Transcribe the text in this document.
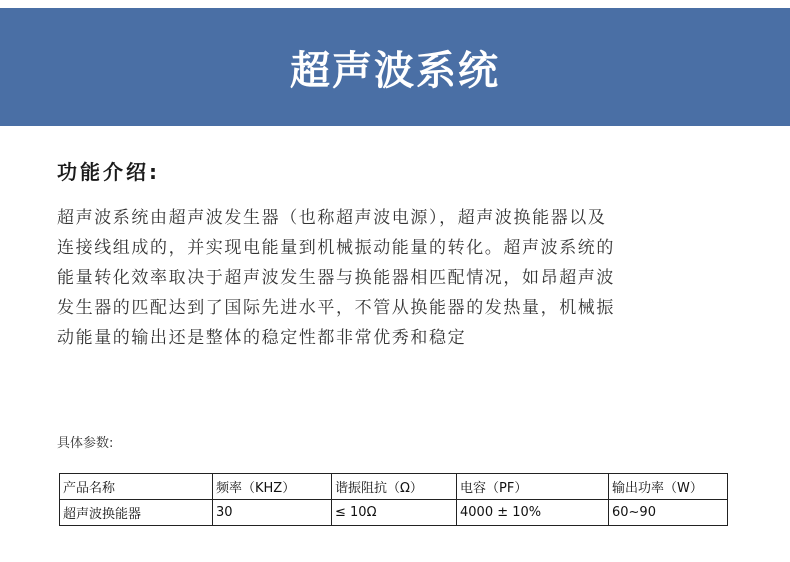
超声波系统
功能介绍:
超声波系统由超声波发生器（也称超声波电源），超声波换能器以及
连接线组成的，并实现电能量到机械振动能量的转化。超声波系统的
能量转化效率取决于超声波发生器与换能器相匹配情况，如昂超声波
发生器的匹配达到了国际先进水平，不管从换能器的发热量，机械振
动能量的输出还是整体的稳定性都非常优秀和稳定
具体参数:
产品名称	频率（KHZ）	谐振阻抗（Ω）	电容（PF）	输出功率（W）
超声波换能器	30	≤ 10Ω	4000 ± 10%	60~90
